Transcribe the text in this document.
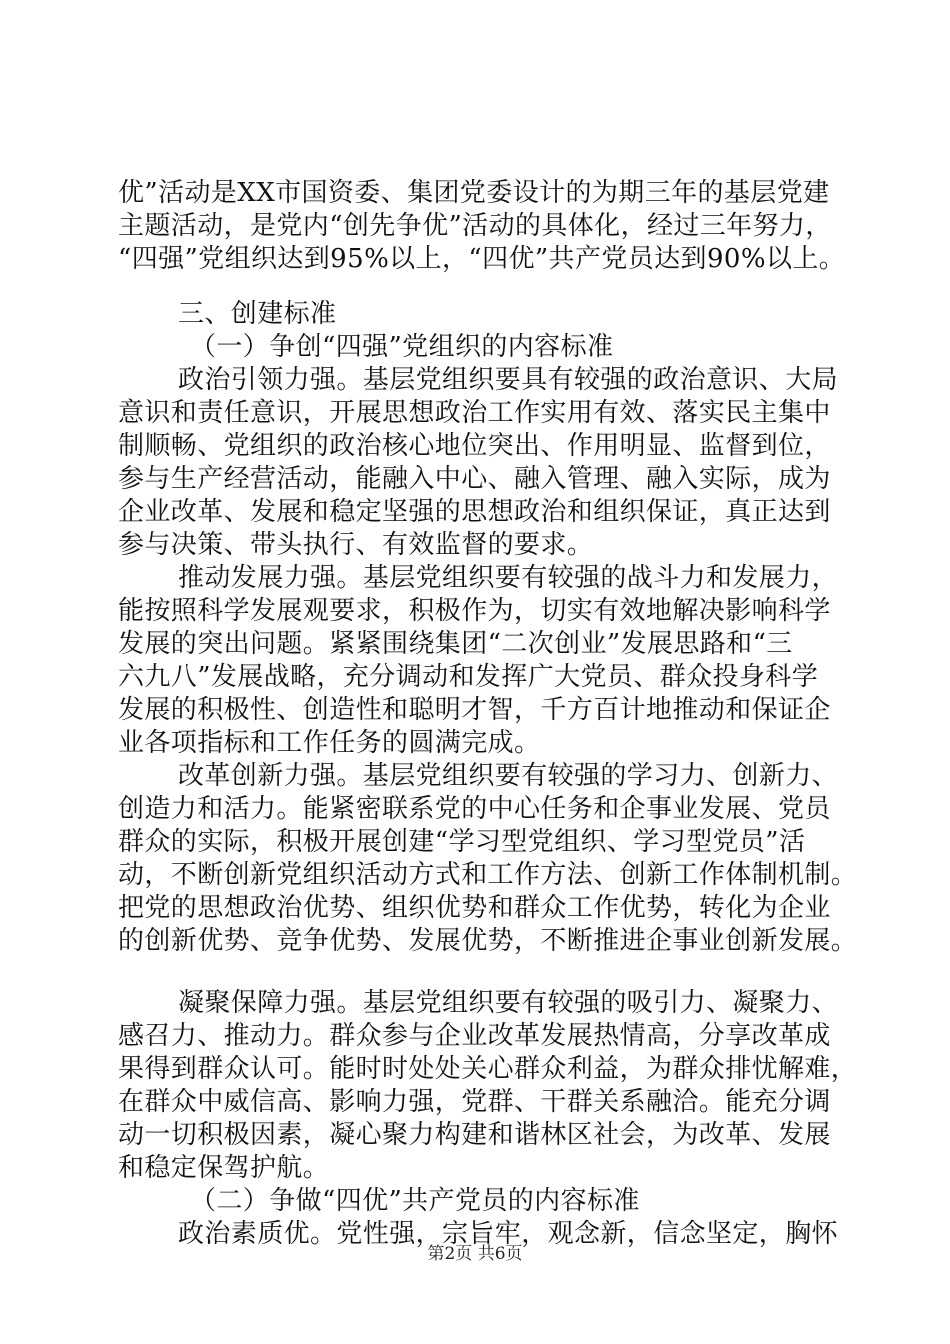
优”活动是XX市国资委、集团党委设计的为期三年的基层党建
主题活动，是党内“创先争优”活动的具体化，经过三年努力，
“四强”党组织达到95%以上，“四优”共产党员达到90%以上。
三、创建标准
（一）争创“四强”党组织的内容标准
政治引领力强。基层党组织要具有较强的政治意识、大局
意识和责任意识，开展思想政治工作实用有效、落实民主集中
制顺畅、党组织的政治核心地位突出、作用明显、监督到位，
参与生产经营活动，能融入中心、融入管理、融入实际，成为
企业改革、发展和稳定坚强的思想政治和组织保证，真正达到
参与决策、带头执行、有效监督的要求。
推动发展力强。基层党组织要有较强的战斗力和发展力，
能按照科学发展观要求，积极作为，切实有效地解决影响科学
发展的突出问题。紧紧围绕集团“二次创业”发展思路和“三
六九八”发展战略，充分调动和发挥广大党员、群众投身科学
发展的积极性、创造性和聪明才智，千方百计地推动和保证企
业各项指标和工作任务的圆满完成。
改革创新力强。基层党组织要有较强的学习力、创新力、
创造力和活力。能紧密联系党的中心任务和企事业发展、党员
群众的实际，积极开展创建“学习型党组织、学习型党员”活
动，不断创新党组织活动方式和工作方法、创新工作体制机制。
把党的思想政治优势、组织优势和群众工作优势，转化为企业
的创新优势、竞争优势、发展优势，不断推进企事业创新发展。
凝聚保障力强。基层党组织要有较强的吸引力、凝聚力、
感召力、推动力。群众参与企业改革发展热情高，分享改革成
果得到群众认可。能时时处处关心群众利益，为群众排忧解难，
在群众中威信高、影响力强，党群、干群关系融洽。能充分调
动一切积极因素，凝心聚力构建和谐林区社会，为改革、发展
和稳定保驾护航。
（二）争做“四优”共产党员的内容标准
政治素质优。党性强，宗旨牢，观念新，信念坚定，胸怀
第2页 共6页
